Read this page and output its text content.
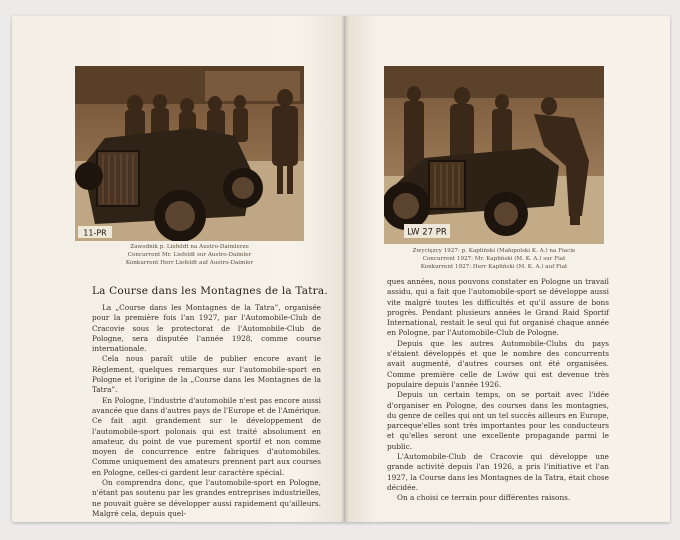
11-PR
Zawodnik p. Liefeldt na Austro-Daimlerze
Concurrent Mr. Liefeldt sur Austro-Daimler
Konkurrent Herr Liefeldt auf Austro-Daimler
La Course dans les Montagnes de la Tatra.

La „Course dans les Montagnes de la Tatra”, organisée pour la première fois l'an 1927, par l'Automobile-Club de Cracovie sous le protectorat de l'Automobile-Club de Pologne, sera disputée l'année 1928, comme course internationale.

Cela nous paraît utile de publier encore avant le Règlement, quelques remarques sur l'automobile-sport en Pologne et l'origine de la „Course dans les Montagnes de la Tatra”.

En Pologne, l'industrie d'automobile n'est pas encore aussi avancée que dans d'autres pays de l'Europe et de l'Amérique. Ce fait agit grandement sur le développement de l'automobile-sport polonais qui est traité absolument en amateur, du point de vue purement sportif et non comme moyen de concurrence entre fabriques d'automobiles. Comme uniquement des amateurs prennent part aux courses en Pologne, celles-ci gardent leur caractère spécial.

On comprendra donc, que l'automobile-sport en Pologne, n'étant pas soutenu par les grandes entreprises industrielles, ne pouvait guère se développer aussi rapidement qu'ailleurs. Malgré cela, depuis quel-

LW 27 PR
Zwycięzcy 1927: p. Kapliński (Małopolski K. A.) na Fiacie
Concurrent 1927: Mr. Kapliński (M. K. A.) sur Fiat
Konkurrent 1927: Herr Kapliński (M. K. A.) auf Fiat

ques années, nous pouvons constater en Pologne un travail assidu, qui a fait que l'automobile-sport se développe aussi vite malgré toutes les difficultés et qu'il assure de bons progrès. Pendant plusieurs années le Grand Raid Sportif International, restait le seul qui fut organisé chaque année en Pologne, par l'Automobile-Club de Pologne.

Depuis que les autres Automobile-Clubs du pays s'étaient développés et que le nombre des concurrents avait augmenté, d'autres courses ont été organisées. Comme première celle de Lwów qui est devenue très populaire depuis l'année 1926.

Depuis un certain temps, on se portait avec l'idée d'organiser en Pologne, des courses dans les montagnes, du genre de celles qui ont un tel succès ailleurs en Europe, parceque'elles sont très importantes pour les conducteurs et qu'elles seront une excellente propagande parmi le public.

L'Automobile-Club de Cracovie qui développe une grande activité depuis l'an 1926, a pris l'initiative et l'an 1927, la Course dans les Montagnes de la Tatra, était chose décidée.

On a choisi ce terrain pour différentes raisons.
